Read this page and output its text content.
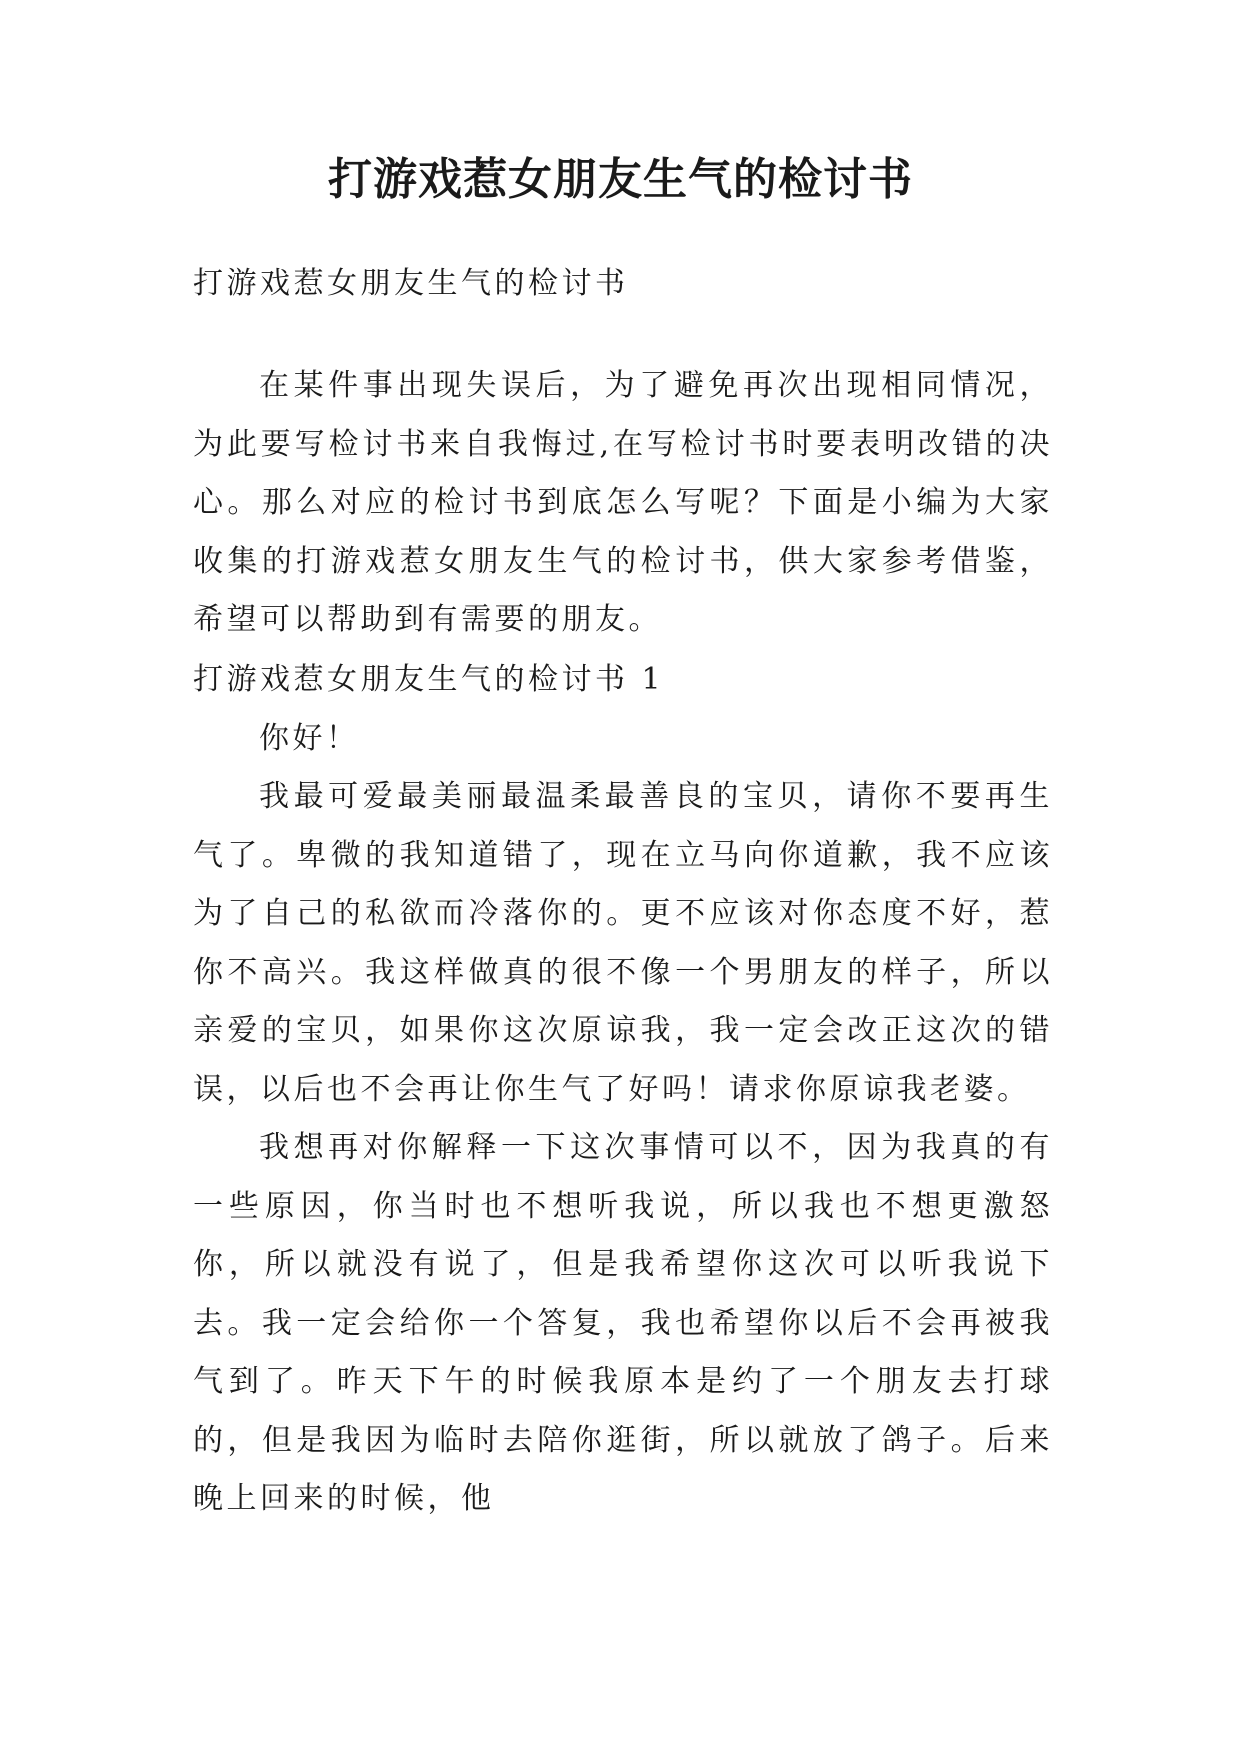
打游戏惹女朋友生气的检讨书

打游戏惹女朋友生气的检讨书

在某件事出现失误后，为了避免再次出现相同情况，为此要写检讨书来自我悔过,在写检讨书时要表明改错的决心。那么对应的检讨书到底怎么写呢？下面是小编为大家收集的打游戏惹女朋友生气的检讨书，供大家参考借鉴，希望可以帮助到有需要的朋友。

打游戏惹女朋友生气的检讨书 1

你好！

我最可爱最美丽最温柔最善良的宝贝，请你不要再生气了。卑微的我知道错了，现在立马向你道歉，我不应该为了自己的私欲而冷落你的。更不应该对你态度不好，惹你不高兴。我这样做真的很不像一个男朋友的样子，所以亲爱的宝贝，如果你这次原谅我，我一定会改正这次的错误，以后也不会再让你生气了好吗！请求你原谅我老婆。

我想再对你解释一下这次事情可以不，因为我真的有一些原因，你当时也不想听我说，所以我也不想更激怒你，所以就没有说了，但是我希望你这次可以听我说下去。我一定会给你一个答复，我也希望你以后不会再被我气到了。昨天下午的时候我原本是约了一个朋友去打球的，但是我因为临时去陪你逛街，所以就放了鸽子。后来晚上回来的时候，他
